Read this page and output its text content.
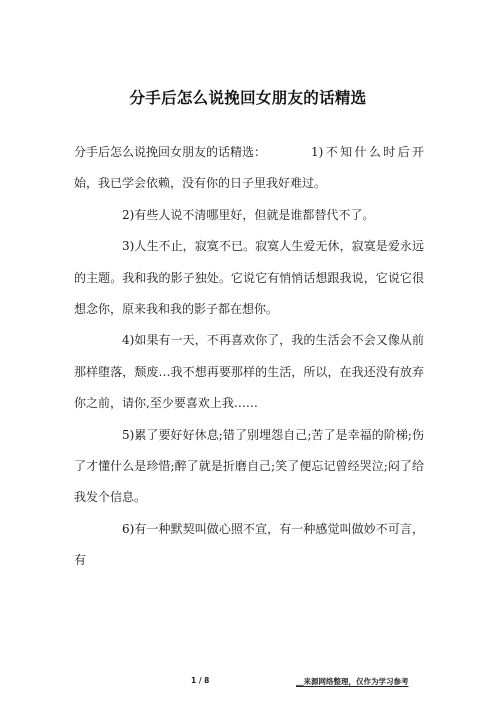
分手后怎么说挽回女朋友的话精选

分手后怎么说挽回女朋友的话精选：	1)不知什么时后开始，我已学会依赖，没有你的日子里我好难过。

2)有些人说不清哪里好，但就是谁都替代不了。

3)人生不止，寂寞不已。寂寞人生爱无休，寂寞是爱永远的主题。我和我的影子独处。它说它有悄悄话想跟我说，它说它很想念你，原来我和我的影子都在想你。

4)如果有一天，不再喜欢你了，我的生活会不会又像从前那样堕落，颓废…我不想再要那样的生活，所以，在我还没有放弃你之前，请你,至少要喜欢上我……

5)累了要好好休息;错了别埋怨自己;苦了是幸福的阶梯;伤了才懂什么是珍惜;醉了就是折磨自己;笑了便忘记曾经哭泣;闷了给我发个信息。

6)有一种默契叫做心照不宣，有一种感觉叫做妙不可言，有

1 / 8	__来源网络整理，仅作为学习参考
